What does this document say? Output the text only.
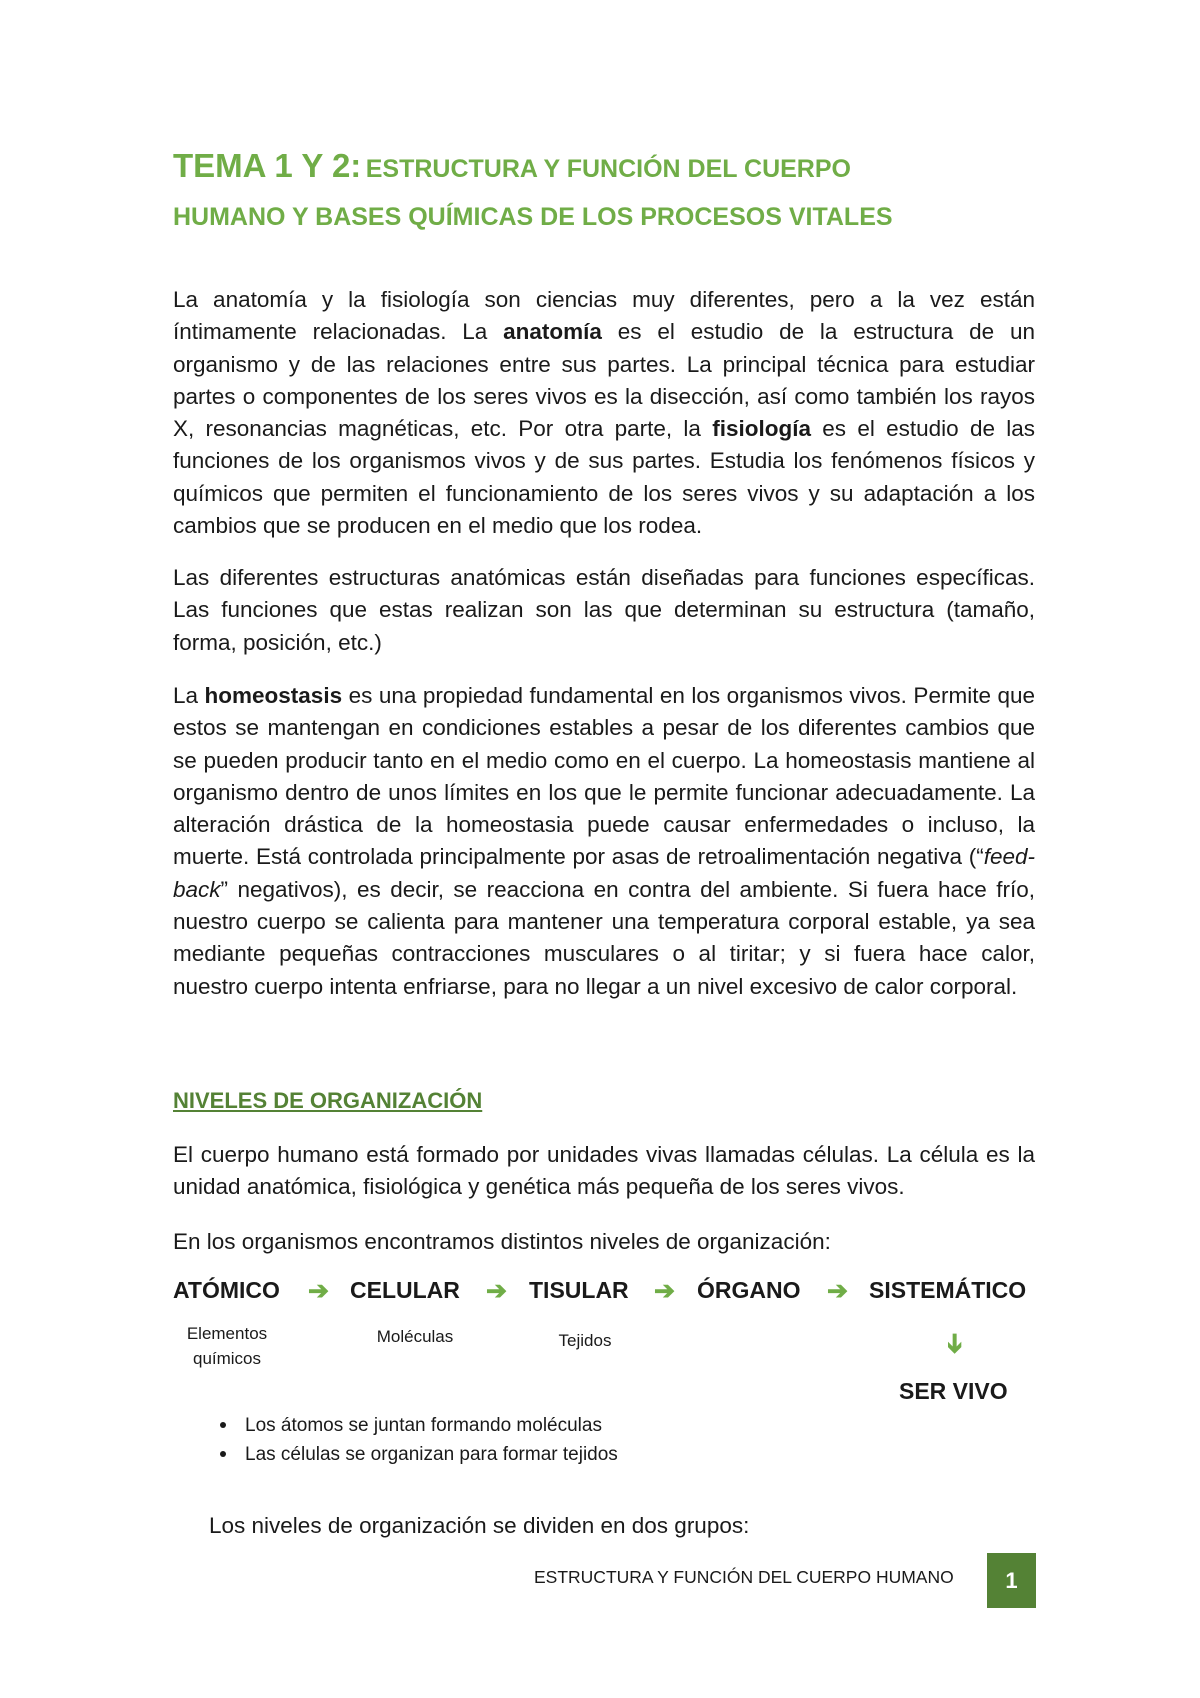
TEMA 1 Y 2: ESTRUCTURA Y FUNCIÓN DEL CUERPO
HUMANO Y BASES QUÍMICAS DE LOS PROCESOS VITALES

La anatomía y la fisiología son ciencias muy diferentes, pero a la vez están íntimamente relacionadas. La anatomía es el estudio de la estructura de un organismo y de las relaciones entre sus partes. La principal técnica para estudiar partes o componentes de los seres vivos es la disección, así como también los rayos X, resonancias magnéticas, etc. Por otra parte, la fisiología es el estudio de las funciones de los organismos vivos y de sus partes. Estudia los fenómenos físicos y químicos que permiten el funcionamiento de los seres vivos y su adaptación a los cambios que se producen en el medio que los rodea.

Las diferentes estructuras anatómicas están diseñadas para funciones específicas. Las funciones que estas realizan son las que determinan su estructura (tamaño, forma, posición, etc.)

La homeostasis es una propiedad fundamental en los organismos vivos. Permite que estos se mantengan en condiciones estables a pesar de los diferentes cambios que se pueden producir tanto en el medio como en el cuerpo. La homeostasis mantiene al organismo dentro de unos límites en los que le permite funcionar adecuadamente. La alteración drástica de la homeostasia puede causar enfermedades o incluso, la muerte. Está controlada principalmente por asas de retroalimentación negativa (“feed-back” negativos), es decir, se reacciona en contra del ambiente. Si fuera hace frío, nuestro cuerpo se calienta para mantener una temperatura corporal estable, ya sea mediante pequeñas contracciones musculares o al tiritar; y si fuera hace calor, nuestro cuerpo intenta enfriarse, para no llegar a un nivel excesivo de calor corporal.

NIVELES DE ORGANIZACIÓN

El cuerpo humano está formado por unidades vivas llamadas células. La célula es la unidad anatómica, fisiológica y genética más pequeña de los seres vivos.

En los organismos encontramos distintos niveles de organización:

ATÓMICO ➔ CELULAR ➔ TISULAR ➔ ÓRGANO ➔ SISTEMÁTICO
Elementos químicos
Moléculas	Tejidos	➔
SER VIVO
Los átomos se juntan formando moléculas
Las células se organizan para formar tejidos
Los niveles de organización se dividen en dos grupos:
ESTRUCTURA Y FUNCIÓN DEL CUERPO HUMANO	1
